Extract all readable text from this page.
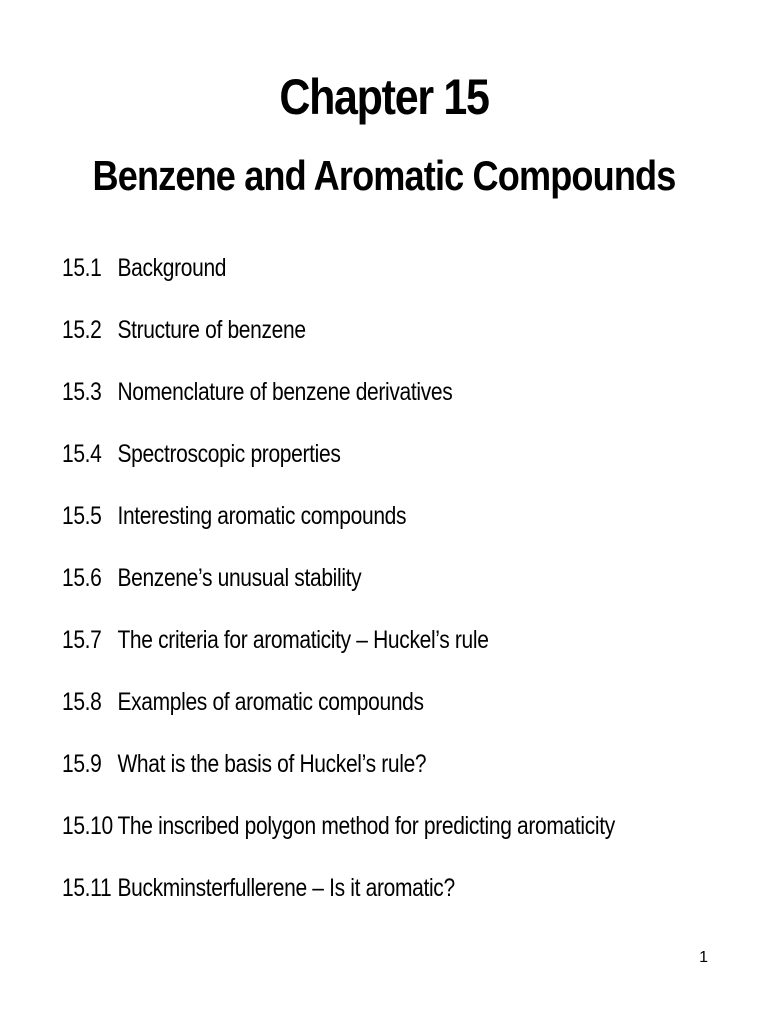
Chapter 15
Benzene and Aromatic Compounds
15.1 Background
15.2 Structure of benzene
15.3 Nomenclature of benzene derivatives
15.4 Spectroscopic properties
15.5 Interesting aromatic compounds
15.6 Benzene’s unusual stability
15.7 The criteria for aromaticity – Huckel’s rule
15.8 Examples of aromatic compounds
15.9 What is the basis of Huckel’s rule?
15.10 The inscribed polygon method for predicting aromaticity
15.11 Buckminsterfullerene – Is it aromatic?
1
